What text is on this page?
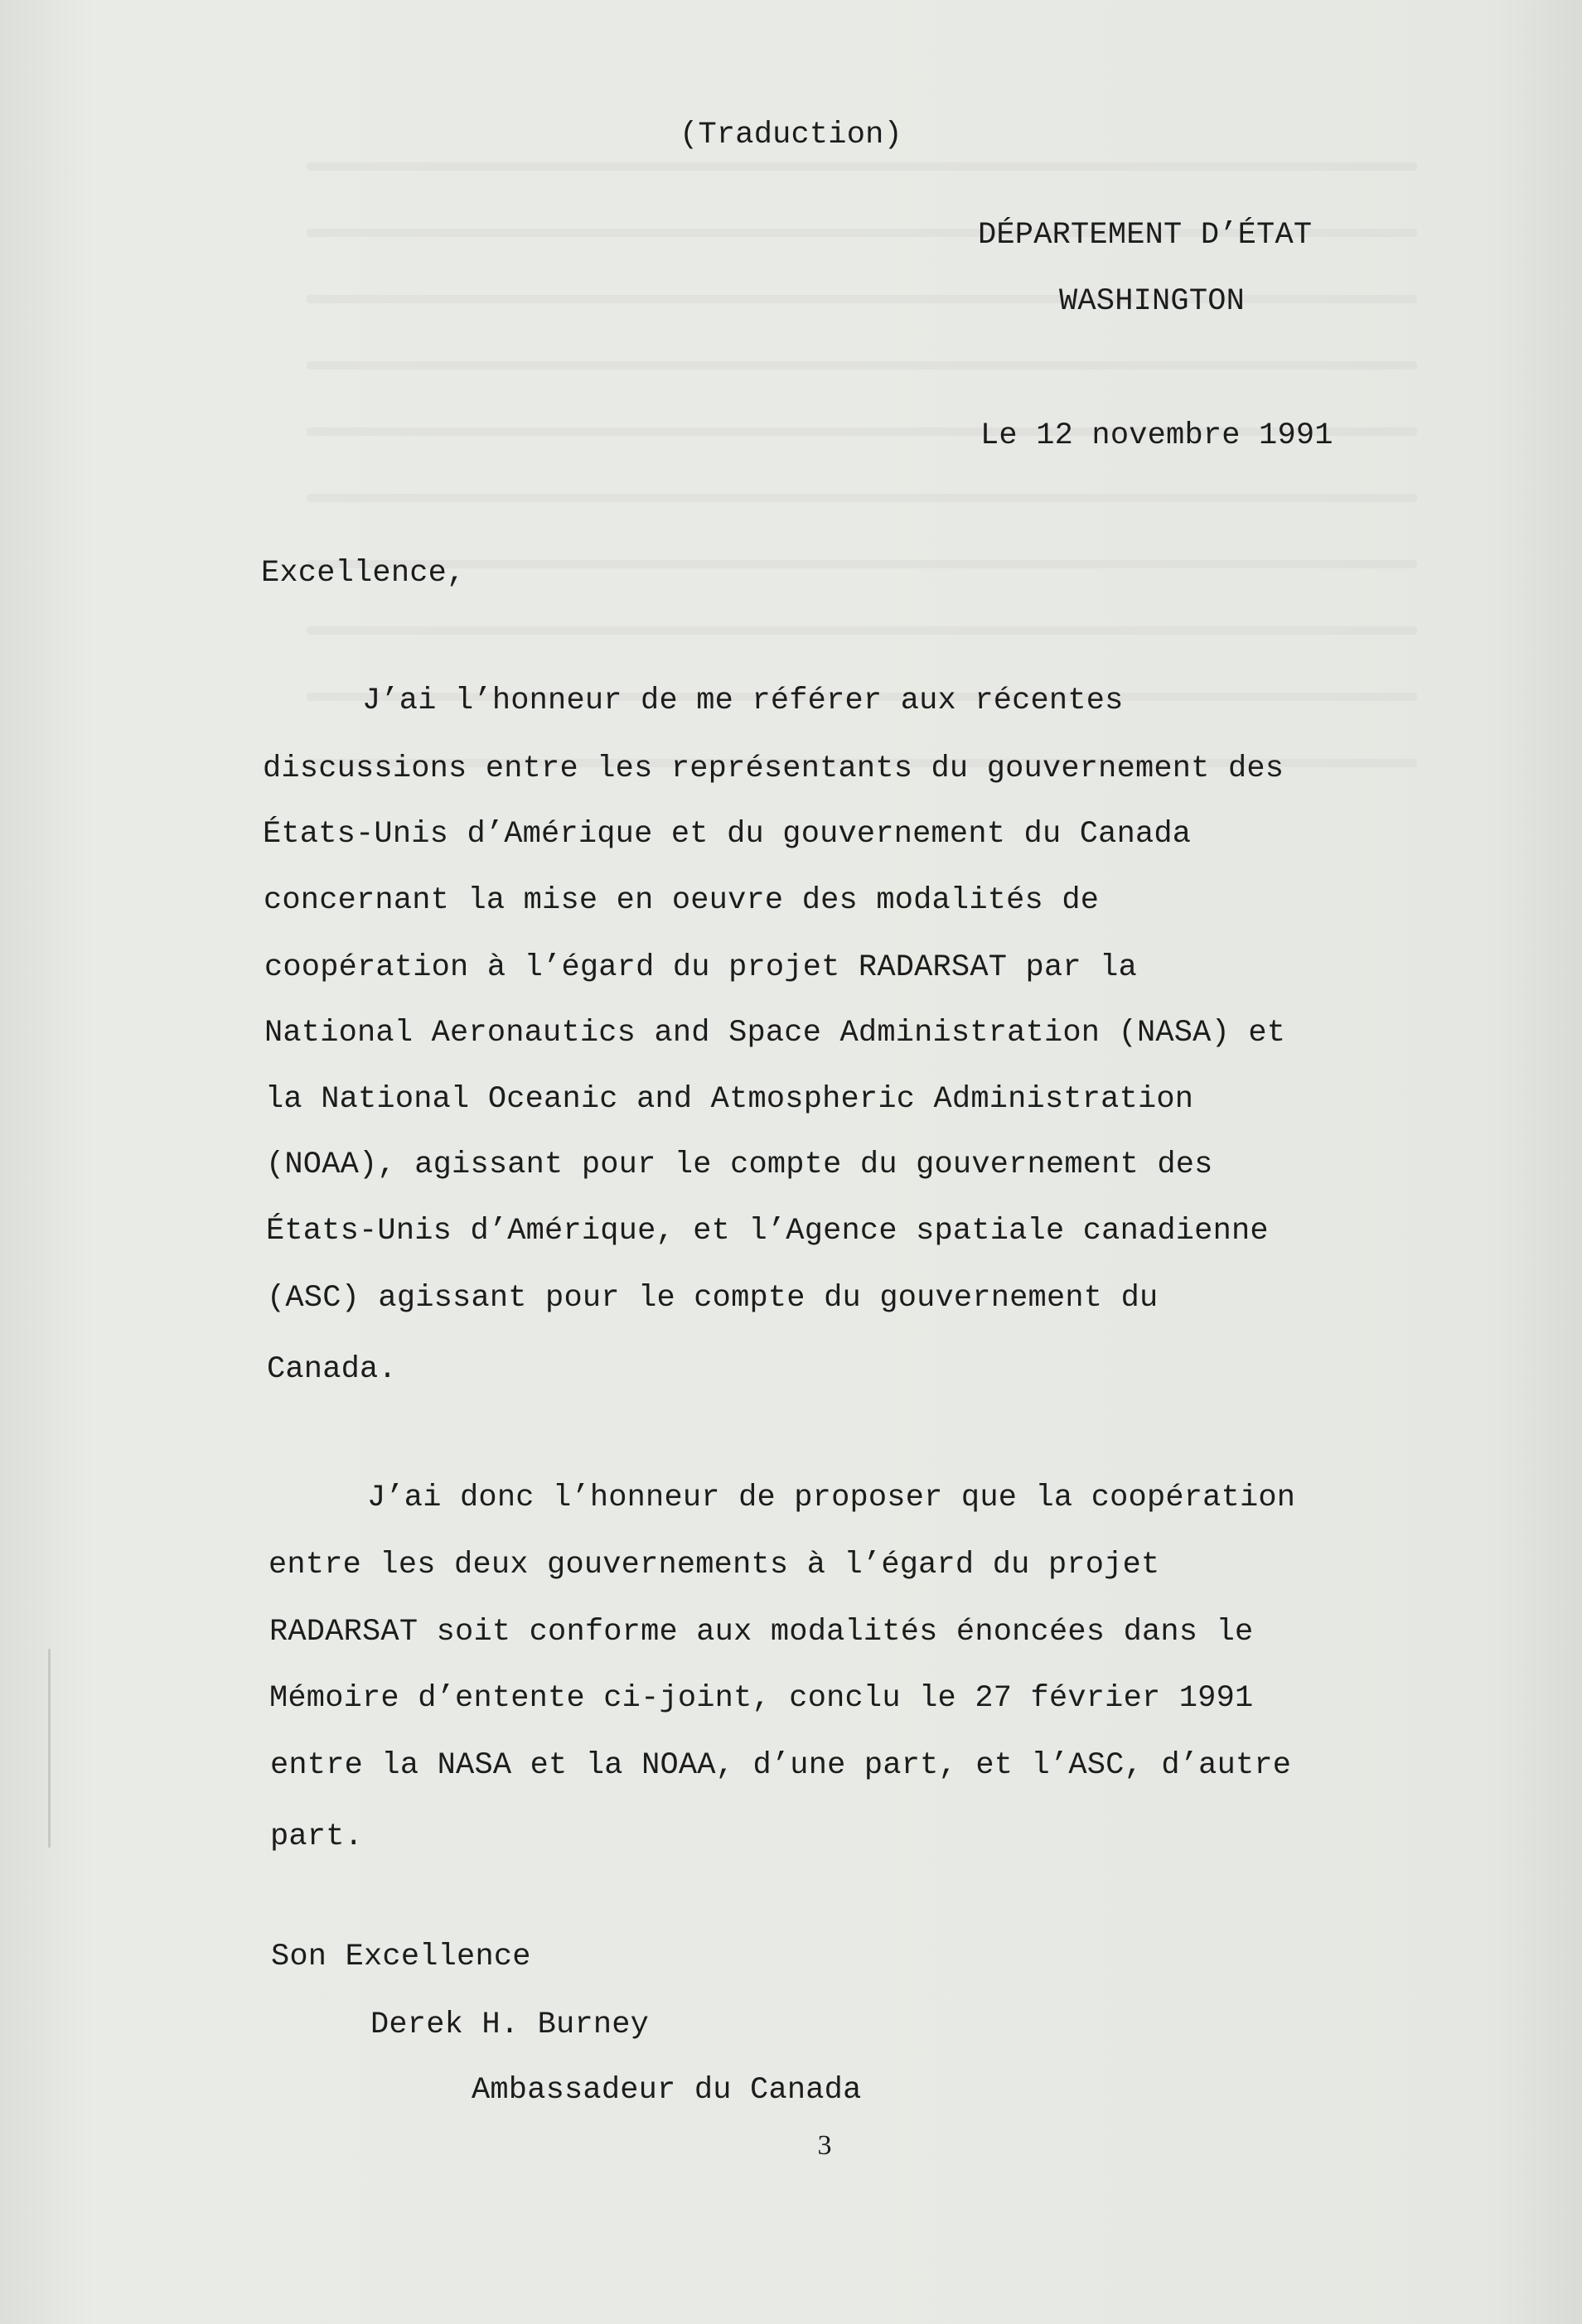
(Traduction)
DÉPARTEMENT D’ÉTAT
WASHINGTON
Le 12 novembre 1991
Excellence,
J’ai l’honneur de me référer aux récentes
discussions entre les représentants du gouvernement des
États-Unis d’Amérique et du gouvernement du Canada
concernant la mise en oeuvre des modalités de
coopération à l’égard du projet RADARSAT par la
National Aeronautics and Space Administration (NASA) et
la National Oceanic and Atmospheric Administration
(NOAA), agissant pour le compte du gouvernement des
États-Unis d’Amérique, et l’Agence spatiale canadienne
(ASC) agissant pour le compte du gouvernement du
Canada.
J’ai donc l’honneur de proposer que la coopération
entre les deux gouvernements à l’égard du projet
RADARSAT soit conforme aux modalités énoncées dans le
Mémoire d’entente ci-joint, conclu le 27 février 1991
entre la NASA et la NOAA, d’une part, et l’ASC, d’autre
part.
Son Excellence
Derek H. Burney
Ambassadeur du Canada
3
